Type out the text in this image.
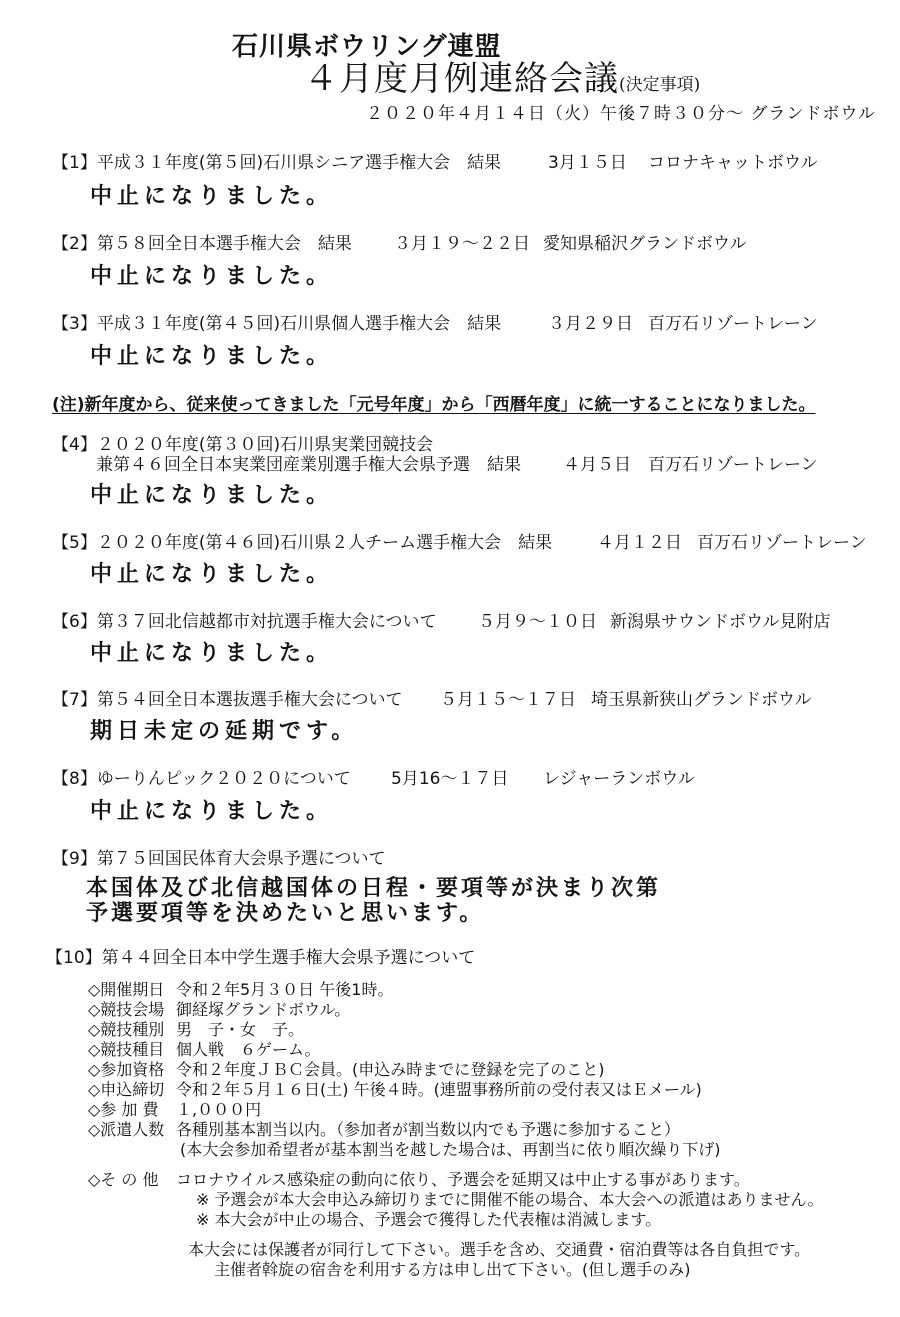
石川県ボウリング連盟
４月度月例連絡会議(決定事項)
２０２０年４月１４日（火）午後７時３０分～ グランドボウル
【1】平成３１年度(第５回)石川県シニア選手権大会　結果	3月１５日 コロナキャットボウル
中止になりました。
【2】第５８回全日本選手権大会　結果 ３月１９～２２日 愛知県稲沢グランドボウル
中止になりました。
【3】平成３１年度(第４５回)石川県個人選手権大会　結果	３月２９日 百万石リゾートレーン
中止になりました。
(注)新年度から、従来使ってきました「元号年度」から「西暦年度」に統一することになりました。
【4】２０２０年度(第３０回)石川県実業団競技会
兼第４６回全日本実業団産業別選手権大会県予選　結果 ４月５日 百万石リゾートレーン
中止になりました。
【5】２０２０年度(第４６回)石川県２人チーム選手権大会　結果	４月１２日 百万石リゾートレーン
中止になりました。
【6】第３７回北信越都市対抗選手権大会について ５月９～１０日 新潟県サウンドボウル見附店
中止になりました。
【7】第５４回全日本選抜選手権大会について ５月１５～１７日 埼玉県新狭山グランドボウル
期日未定の延期です。
【8】ゆーりんピック２０２０について 5月16～１７日 レジャーランボウル
中止になりました。
【9】第７５回国民体育大会県予選について
本国体及び北信越国体の日程・要項等が決まり次第
予選要項等を決めたいと思います。
【10】第４４回全日本中学生選手権大会県予選について
◇開催期日 令和２年5月３０日 午後1時。
◇競技会場 御経塚グランドボウル。
◇競技種別 男　子・女　子。
◇競技種目 個人戦　６ゲーム。
◇参加資格 令和２年度ＪＢＣ会員。(申込み時までに登録を完了のこと)
◇申込締切 令和２年５月１６日(土) 午後４時。(連盟事務所前の受付表又はＥメール)
◇参 加 費 １,０００円
◇派遣人数 各種別基本割当以内。（参加者が割当数以内でも予選に参加すること）
(本大会参加希望者が基本割当を越した場合は、再割当に依り順次繰り下げ)
◇そ の 他 コロナウイルス感染症の動向に依り、予選会を延期又は中止する事があります。
※ 予選会が本大会申込み締切りまでに開催不能の場合、本大会への派遣はありません。
※ 本大会が中止の場合、予選会で獲得した代表権は消滅します。
本大会には保護者が同行して下さい。選手を含め、交通費・宿泊費等は各自負担です。
主催者斡旋の宿舎を利用する方は申し出て下さい。(但し選手のみ)
